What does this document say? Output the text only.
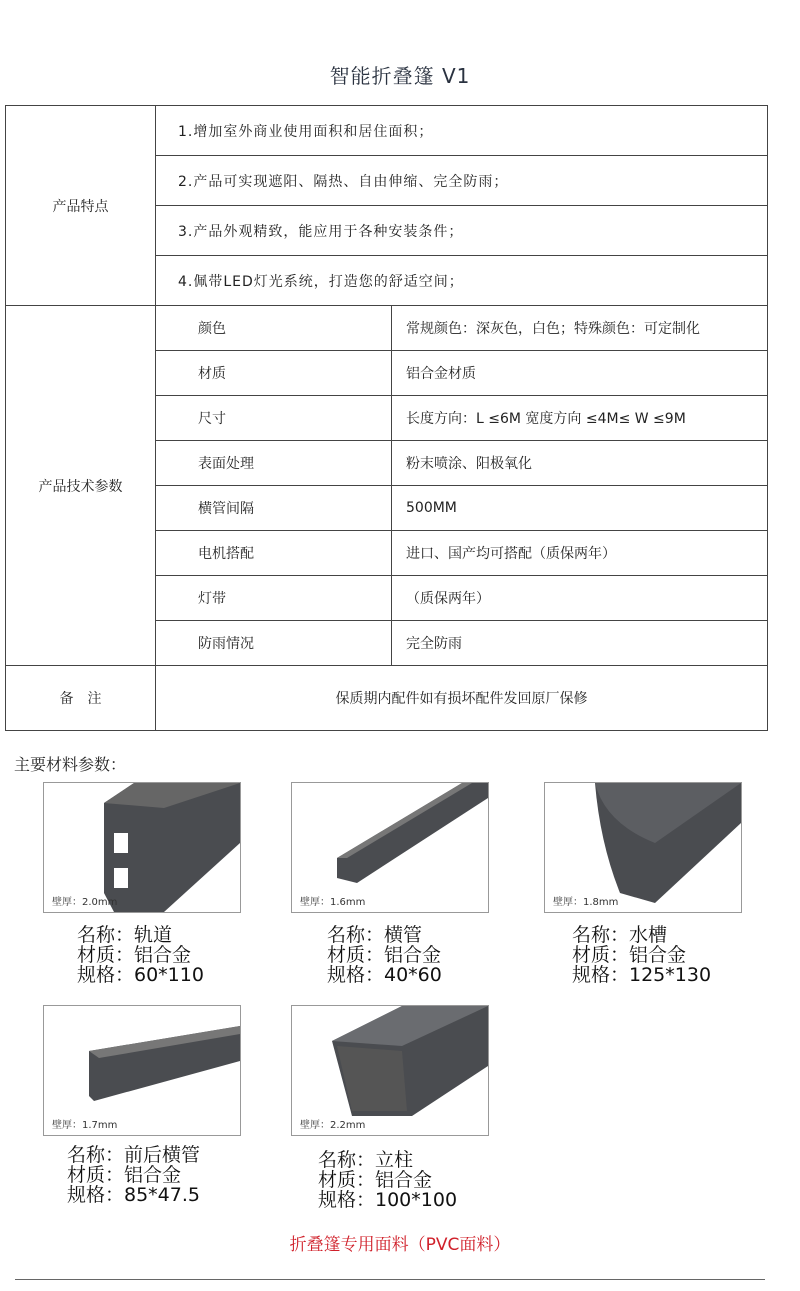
智能折叠篷 V1
产品特点	1.增加室外商业使用面积和居住面积；	
	2.产品可实现遮阳、隔热、自由伸缩、完全防雨；	
	3.产品外观精致，能应用于各种安装条件；	
	4.佩带LED灯光系统，打造您的舒适空间；	
产品技术参数	颜色	常规颜色：深灰色，白色；特殊颜色：可定制化
	材质	铝合金材质
	尺寸	长度方向：L ≤6M 宽度方向 ≤4M≤ W ≤9M
	表面处理	粉末喷涂、阳极氧化
	横管间隔	500MM
	电机搭配	进口、国产均可搭配（质保两年）
	灯带	（质保两年）
	防雨情况	完全防雨
备　注	保质期内配件如有损坏配件发回原厂保修	
主要材料参数：
壁厚：2.0mm	壁厚：1.6mm	壁厚：1.8mm
壁厚：1.7mm	壁厚：2.2mm
名称：轨道
材质：铝合金
规格：60*110
名称：横管
材质：铝合金
规格：40*60
名称：水槽
材质：铝合金
规格：125*130
名称：前后横管
材质：铝合金
规格：85*47.5
名称：立柱
材质：铝合金
规格：100*100
折叠篷专用面料（PVC面料）
